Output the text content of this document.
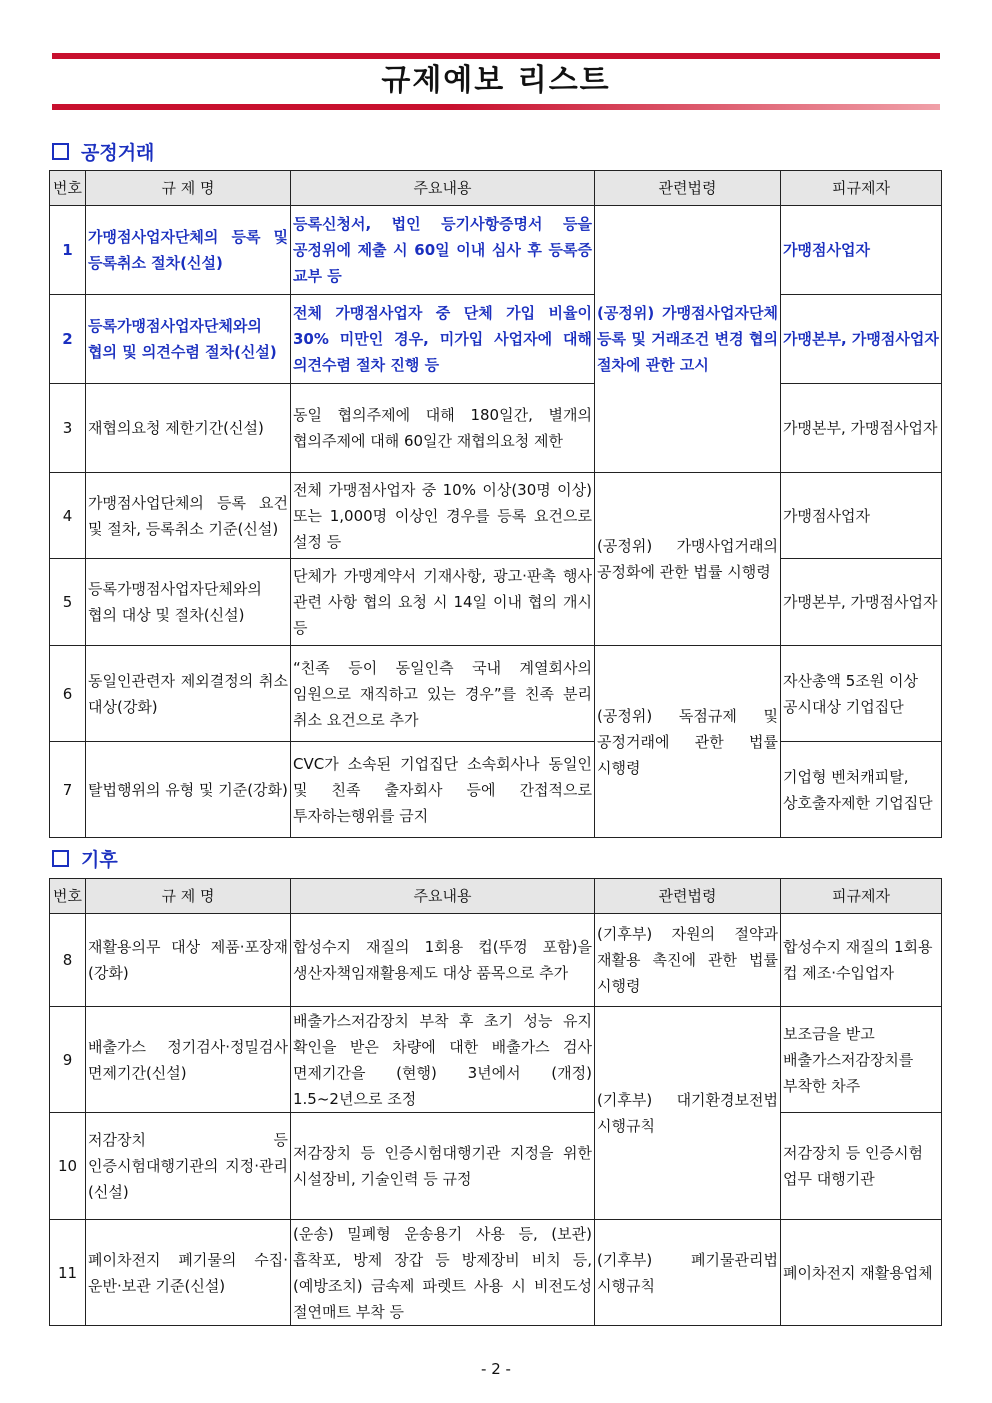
규제예보 리스트
공정거래
번호	규 제 명	주요내용	관련법령	피규제자
1	가맹점사업자단체의 등록 및 등록취소 절차(신설)	등록신청서, 법인 등기사항증명서 등을 공정위에 제출 시 60일 이내 심사 후 등록증 교부 등	(공정위) 가맹점사업자단체 등록 및 거래조건 변경 협의 절차에 관한 고시	가맹점사업자
2	등록가맹점사업자단체와의 협의 및 의견수렴 절차(신설)	전체 가맹점사업자 중 단체 가입 비율이 30% 미만인 경우, 미가입 사업자에 대해 의견수렴 절차 진행 등		가맹본부, 가맹점사업자
3	재협의요청 제한기간(신설)	동일 협의주제에 대해 180일간, 별개의 협의주제에 대해 60일간 재협의요청 제한		가맹본부, 가맹점사업자
4	가맹점사업단체의 등록 요건 및 절차, 등록취소 기준(신설)	전체 가맹점사업자 중 10% 이상(30명 이상) 또는 1,000명 이상인 경우를 등록 요건으로 설정 등	(공정위) 가맹사업거래의 공정화에 관한 법률 시행령	가맹점사업자
5	등록가맹점사업자단체와의 협의 대상 및 절차(신설)	단체가 가맹계약서 기재사항, 광고·판촉 행사 관련 사항 협의 요청 시 14일 이내 협의 개시 등		가맹본부, 가맹점사업자
6	동일인관련자 제외결정의 취소 대상(강화)	“친족 등이 동일인측 국내 계열회사의 임원으로 재직하고 있는 경우”를 친족 분리 취소 요건으로 추가	(공정위) 독점규제 및 공정거래에 관한 법률 시행령	자산총액 5조원 이상 공시대상 기업집단
7	탈법행위의 유형 및 기준(강화)	CVC가 소속된 기업집단 소속회사나 동일인 및 친족 출자회사 등에 간접적으로 투자하는행위를 금지		기업형 벤처캐피탈, 상호출자제한 기업집단
기후
번호	규 제 명	주요내용	관련법령	피규제자
8	재활용의무 대상 제품·포장재(강화)	합성수지 재질의 1회용 컵(뚜껑 포함)을 생산자책임재활용제도 대상 품목으로 추가	(기후부) 자원의 절약과 재활용 촉진에 관한 법률 시행령	합성수지 재질의 1회용 컵 제조·수입업자
9	배출가스 정기검사·정밀검사 면제기간(신설)	배출가스저감장치 부착 후 초기 성능 유지 확인을 받은 차량에 대한 배출가스 검사 면제기간을 (현행) 3년에서 (개정) 1.5~2년으로 조정	(기후부) 대기환경보전법 시행규칙	보조금을 받고 배출가스저감장치를 부착한 차주
10	저감장치 등 인증시험대행기관의 지정·관리(신설)	저감장치 등 인증시험대행기관 지정을 위한 시설장비, 기술인력 등 규정		저감장치 등 인증시험 업무 대행기관
11	폐이차전지 폐기물의 수집·운반·보관 기준(신설)	(운송) 밀폐형 운송용기 사용 등, (보관) 흡착포, 방제 장갑 등 방제장비 비치 등, (예방조치) 금속제 파렛트 사용 시 비전도성 절연매트 부착 등	(기후부) 폐기물관리법 시행규칙	폐이차전지 재활용업체
- 2 -
